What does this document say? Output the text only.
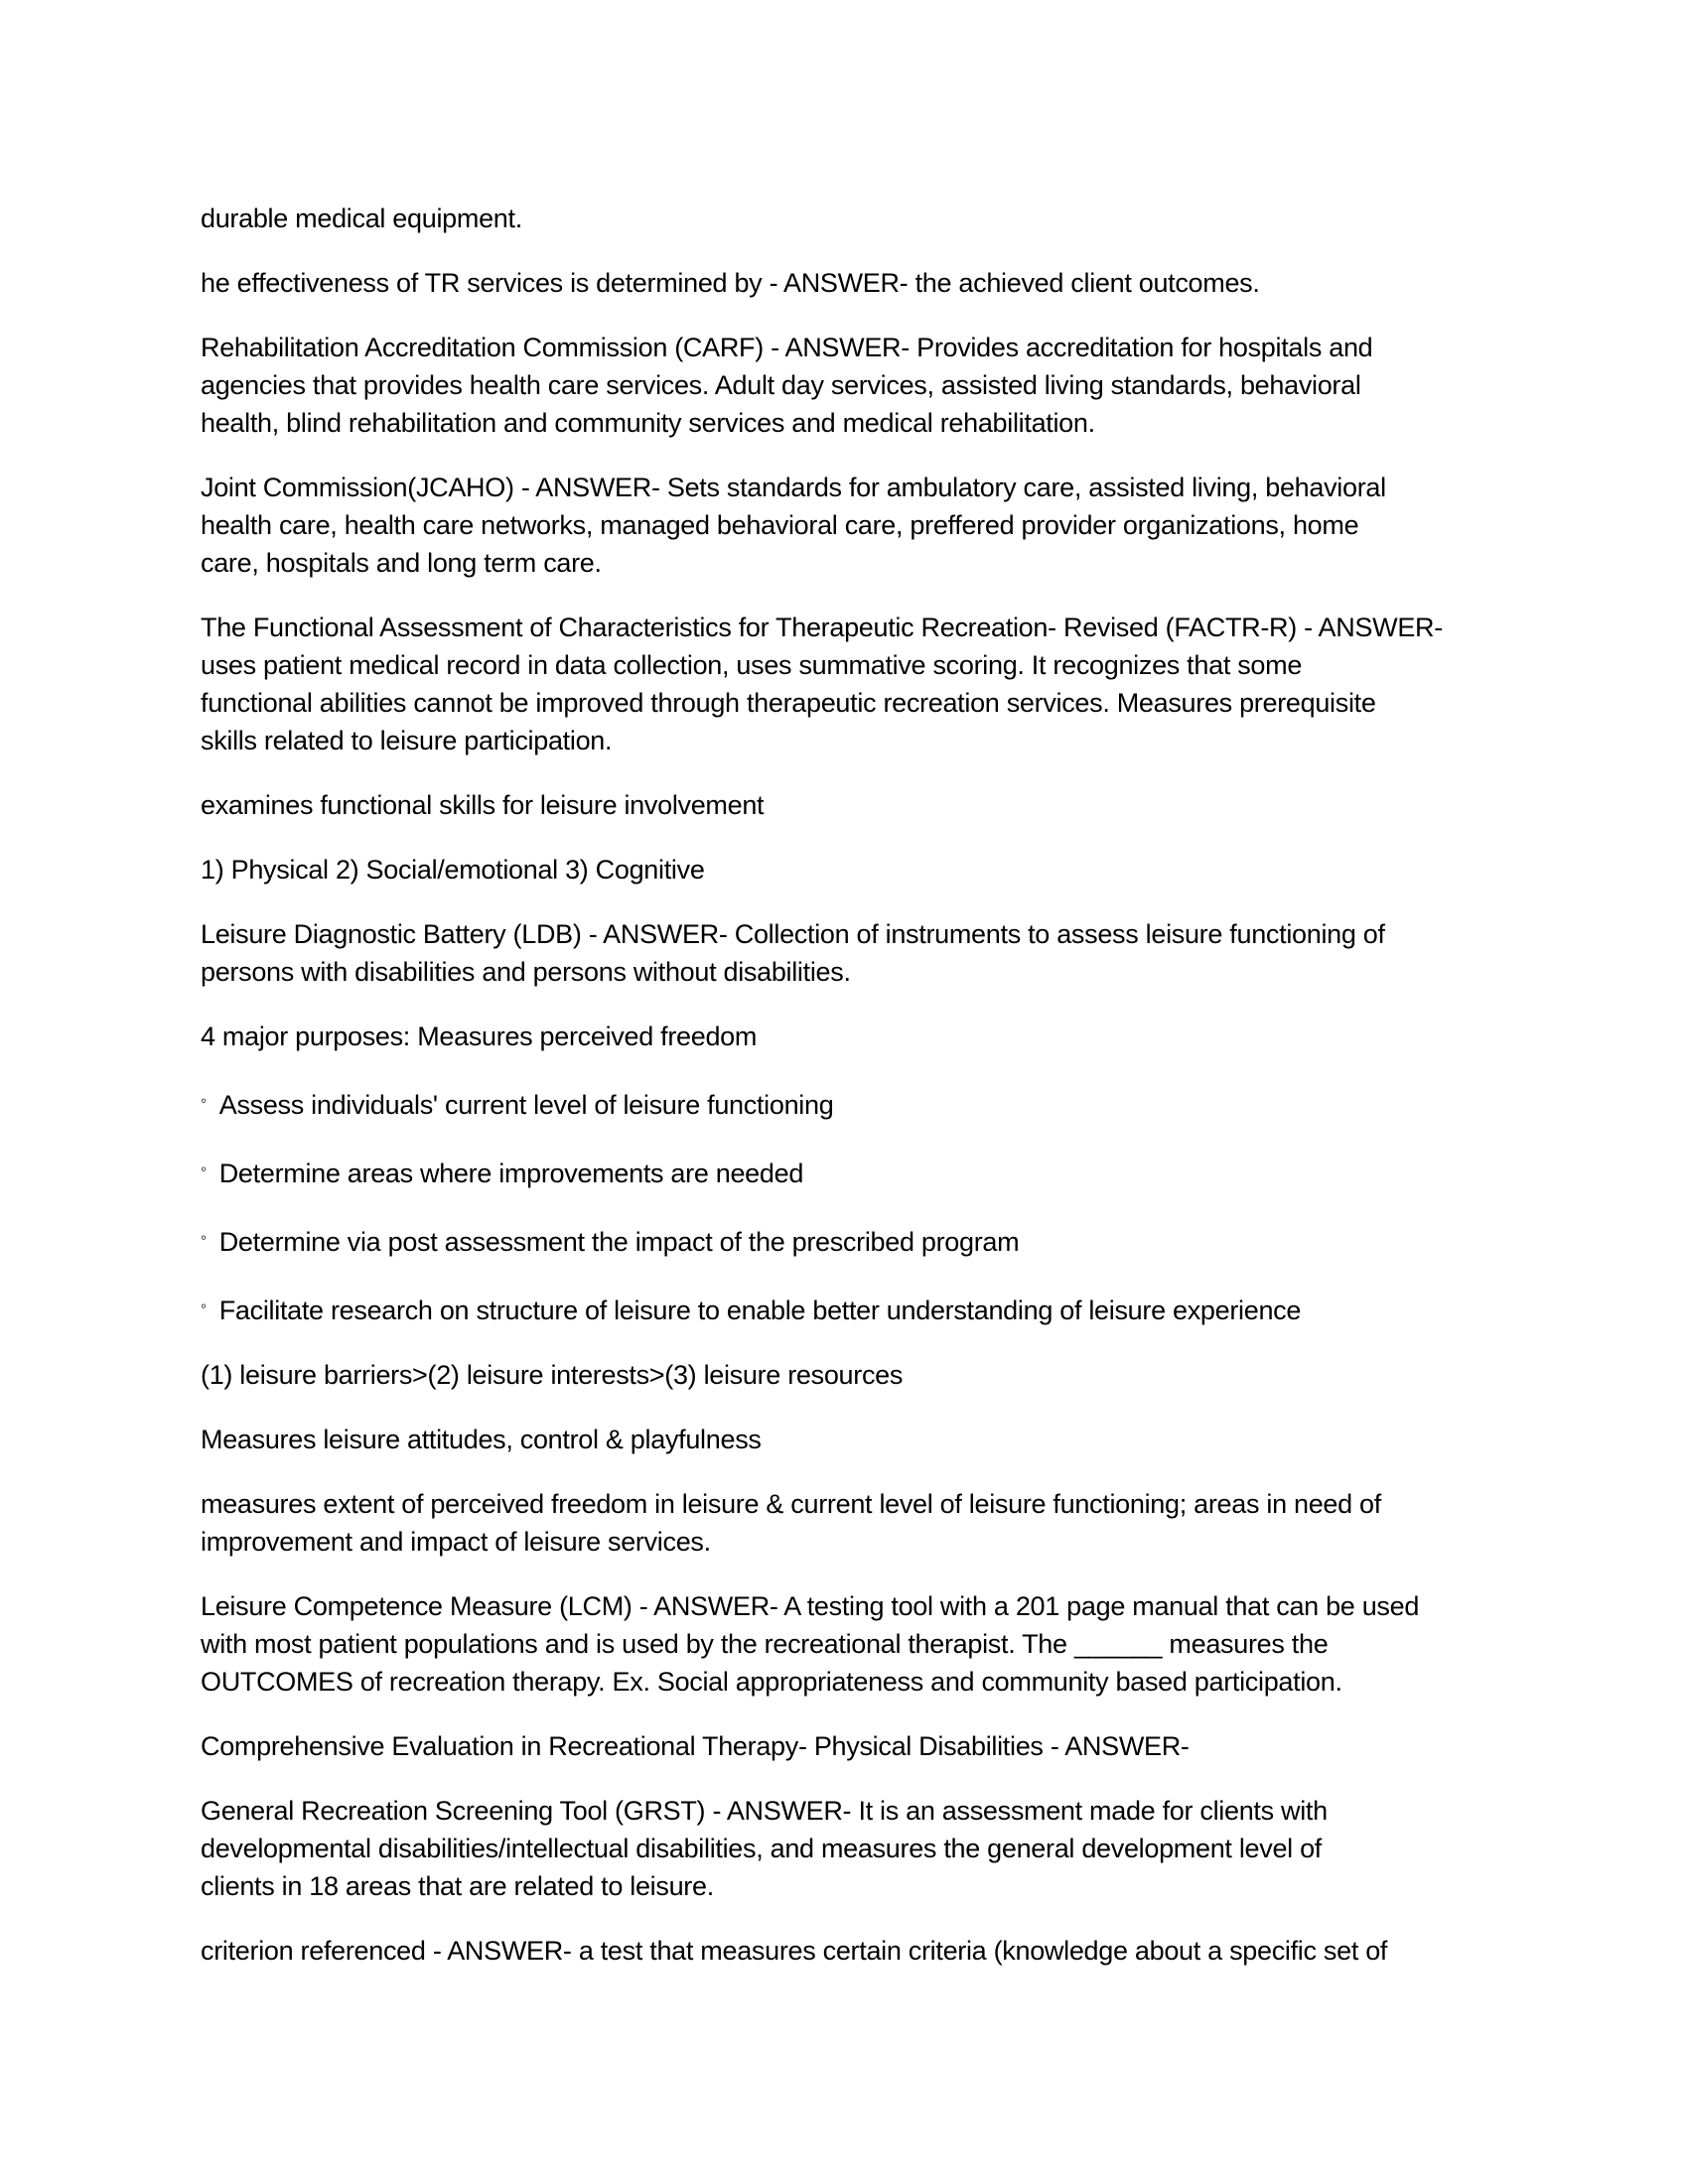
durable medical equipment.

he effectiveness of TR services is determined by - ANSWER- the achieved client outcomes.

Rehabilitation Accreditation Commission (CARF) - ANSWER- Provides accreditation for hospitals and
agencies that provides health care services. Adult day services, assisted living standards, behavioral
health, blind rehabilitation and community services and medical rehabilitation.

Joint Commission(JCAHO) - ANSWER- Sets standards for ambulatory care, assisted living, behavioral
health care, health care networks, managed behavioral care, preffered provider organizations, home
care, hospitals and long term care.

The Functional Assessment of Characteristics for Therapeutic Recreation- Revised (FACTR-R) - ANSWER-
uses patient medical record in data collection, uses summative scoring. It recognizes that some
functional abilities cannot be improved through therapeutic recreation services. Measures prerequisite
skills related to leisure participation.

examines functional skills for leisure involvement

1) Physical 2) Social/emotional 3) Cognitive

Leisure Diagnostic Battery (LDB) - ANSWER- Collection of instruments to assess leisure functioning of
persons with disabilities and persons without disabilities.

4 major purposes: Measures perceived freedom

◦ Assess individuals' current level of leisure functioning

◦ Determine areas where improvements are needed

◦ Determine via post assessment the impact of the prescribed program

◦ Facilitate research on structure of leisure to enable better understanding of leisure experience

(1) leisure barriers>(2) leisure interests>(3) leisure resources

Measures leisure attitudes, control & playfulness

measures extent of perceived freedom in leisure & current level of leisure functioning; areas in need of
improvement and impact of leisure services.

Leisure Competence Measure (LCM) - ANSWER- A testing tool with a 201 page manual that can be used
with most patient populations and is used by the recreational therapist. The ______ measures the
OUTCOMES of recreation therapy. Ex. Social appropriateness and community based participation.

Comprehensive Evaluation in Recreational Therapy- Physical Disabilities - ANSWER-

General Recreation Screening Tool (GRST) - ANSWER- It is an assessment made for clients with
developmental disabilities/intellectual disabilities, and measures the general development level of
clients in 18 areas that are related to leisure.

criterion referenced - ANSWER- a test that measures certain criteria (knowledge about a specific set of
